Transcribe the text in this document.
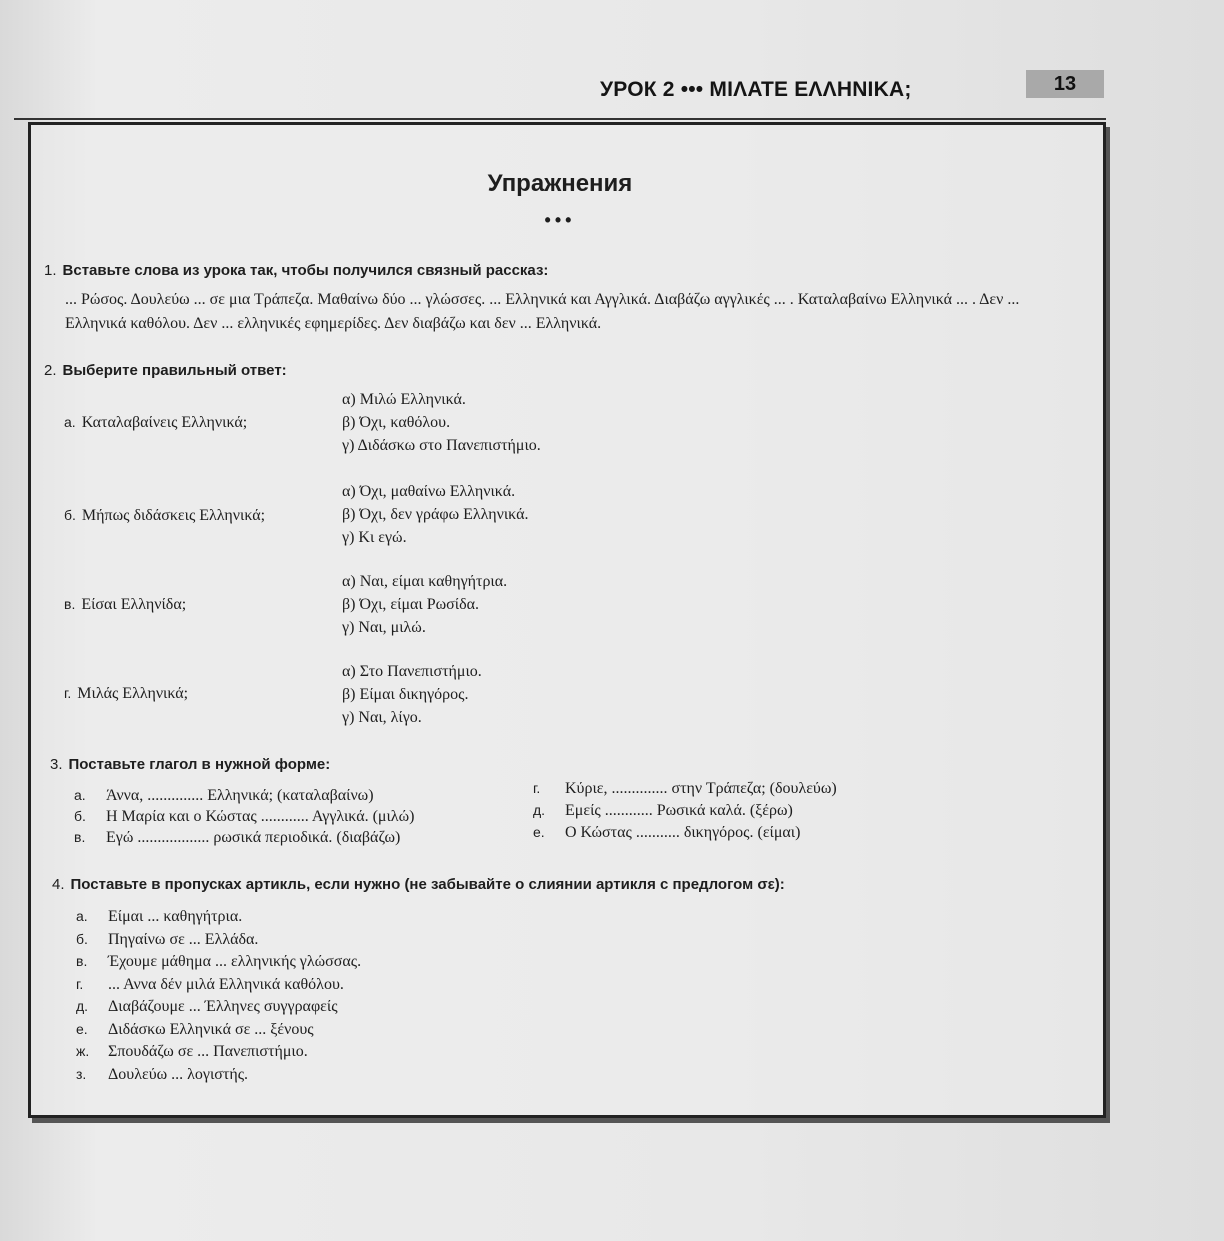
УРОК 2 ••• ΜΙΛΑΤΕ ΕΛΛΗΝΙΚΑ;	13
Упражнения
•••
1. Вставьте слова из урока так, чтобы получился связный рассказ:
... Ρώσος. Δουλεύω ... σε μια Τράπεζα. Μαθαίνω δύο ... γλώσσες. ... Ελληνικά και Αγγλικά. Διαβάζω αγγλικές ... . Καταλαβαίνω Ελληνικά ... . Δεν ... Ελληνικά καθόλου. Δεν ... ελληνικές εφημερίδες. Δεν διαβάζω και δεν ... Ελληνικά.
2. Выберите правильный ответ:
а. Καταλαβαίνεις Ελληνικά;
α) Μιλώ Ελληνικά.
β) Όχι, καθόλου.
γ) Διδάσκω στο Πανεπιστήμιο.
б. Μήπως διδάσκεις Ελληνικά;
α) Όχι, μαθαίνω Ελληνικά.
β) Όχι, δεν γράφω Ελληνικά.
γ) Κι εγώ.
в. Είσαι Ελληνίδα;
α) Ναι, είμαι καθηγήτρια.
β) Όχι, είμαι Ρωσίδα.
γ) Ναι, μιλώ.
г. Μιλάς Ελληνικά;
α) Στο Πανεπιστήμιο.
β) Είμαι δικηγόρος.
γ) Ναι, λίγο.
3. Поставьте глагол в нужной форме:
а. Άννα, .............. Ελληνικά; (καταλαβαίνω)
б. Η Μαρία και ο Κώστας ............ Αγγλικά. (μιλώ)
в. Εγώ .................. ρωσικά περιοδικά. (διαβάζω)
г. Κύριε, .............. στην Τράπεζα; (δουλεύω)
д. Εμείς ............ Ρωσικά καλά. (ξέρω)
е. Ο Κώστας ........... δικηγόρος. (είμαι)
4. Поставьте в пропусках артикль, если нужно (не забывайте о слиянии артикля с предлогом σε):
а. Είμαι ... καθηγήτρια.
б. Πηγαίνω σε ... Ελλάδα.
в. Έχουμε μάθημα ... ελληνικής γλώσσας.
г. ... Αννα δέν μιλά Ελληνικά καθόλου.
д. Διαβάζουμε ... Έλληνες συγγραφείς
е. Διδάσκω Ελληνικά σε ... ξένους
ж. Σπουδάζω σε ... Πανεπιστήμιο.
з. Δουλεύω ... λογιστής.
